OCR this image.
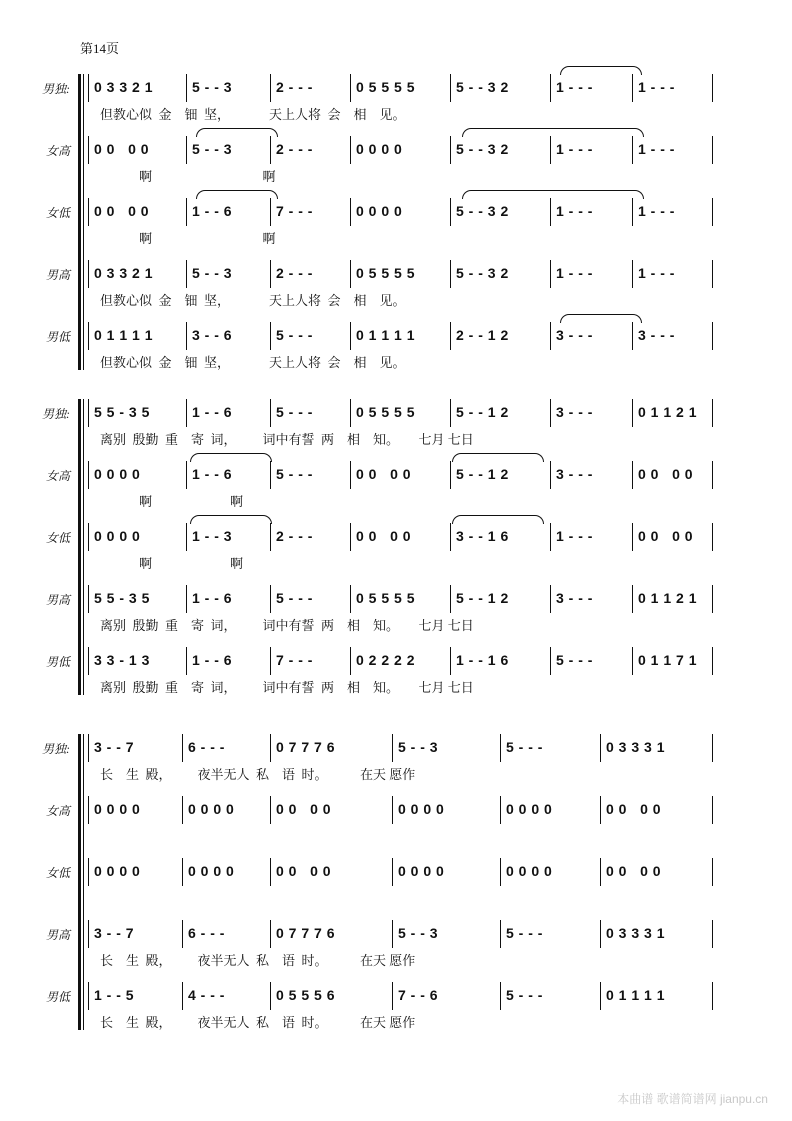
第14页
男独: 0 3 3 2 1	5 - - 3	2 - - -	0 5 5 5 5	5 - - 3 2	1 - - -	1 - - -
但教心似  金    钿  坚，            天上人将  会    相    见。
女高 0 0   0 0	5 - - 3	2 - - -	0 0 0 0	5 - - 3 2	1 - - -	1 - - -
啊                                  啊
女低 0 0   0 0	1 - - 6	7 - - -	0 0 0 0	5 - - 3 2	1 - - -	1 - - -
啊                                  啊
男高 0 3 3 2 1	5 - - 3	2 - - -	0 5 5 5 5	5 - - 3 2	1 - - -	1 - - -
但教心似  金    钿  坚，            天上人将  会    相    见。
男低 0 1 1 1 1	3 - - 6	5 - - -	0 1 1 1 1	2 - - 1 2	3 - - -	3 - - -
但教心似  金    钿  坚，            天上人将  会    相    见。
男独: 5 5 - 3 5	1 - - 6	5 - - -	0 5 5 5 5	5 - - 1 2	3 - - -	0 1 1 2 1
离别  殷勤  重    寄  词，        词中有誓  两    相    知。      七月 七日
女高 0 0 0 0	1 - - 6	5 - - -	0 0   0 0	5 - - 1 2	3 - - -	0 0   0 0
啊                        啊
女低 0 0 0 0	1 - - 3	2 - - -	0 0   0 0	3 - - 1 6	1 - - -	0 0   0 0
啊                        啊
男高 5 5 - 3 5	1 - - 6	5 - - -	0 5 5 5 5	5 - - 1 2	3 - - -	0 1 1 2 1
离别  殷勤  重    寄  词，        词中有誓  两    相    知。      七月 七日
男低 3 3 - 1 3	1 - - 6	7 - - -	0 2 2 2 2	1 - - 1 6	5 - - -	0 1 1 7 1
离别  殷勤  重    寄  词，        词中有誓  两    相    知。      七月 七日
男独: 3 - - 7	6 - - -	0 7 7 7 6	5 - - 3	5 - - -	0 3 3 3 1
长    生  殿，        夜半无人  私    语  时。          在天 愿作
女高 0 0 0 0	0 0 0 0	0 0   0 0	0 0 0 0	0 0 0 0	0 0   0 0
女低 0 0 0 0	0 0 0 0	0 0   0 0	0 0 0 0	0 0 0 0	0 0   0 0
男高 3 - - 7	6 - - -	0 7 7 7 6	5 - - 3	5 - - -	0 3 3 3 1
长    生  殿，        夜半无人  私    语  时。          在天 愿作
男低 1 - - 5	4 - - -	0 5 5 5 6	7 - - 6	5 - - -	0 1 1 1 1
长    生  殿，        夜半无人  私    语  时。          在天 愿作
本曲谱 歌谱简谱网 jianpu.cn
